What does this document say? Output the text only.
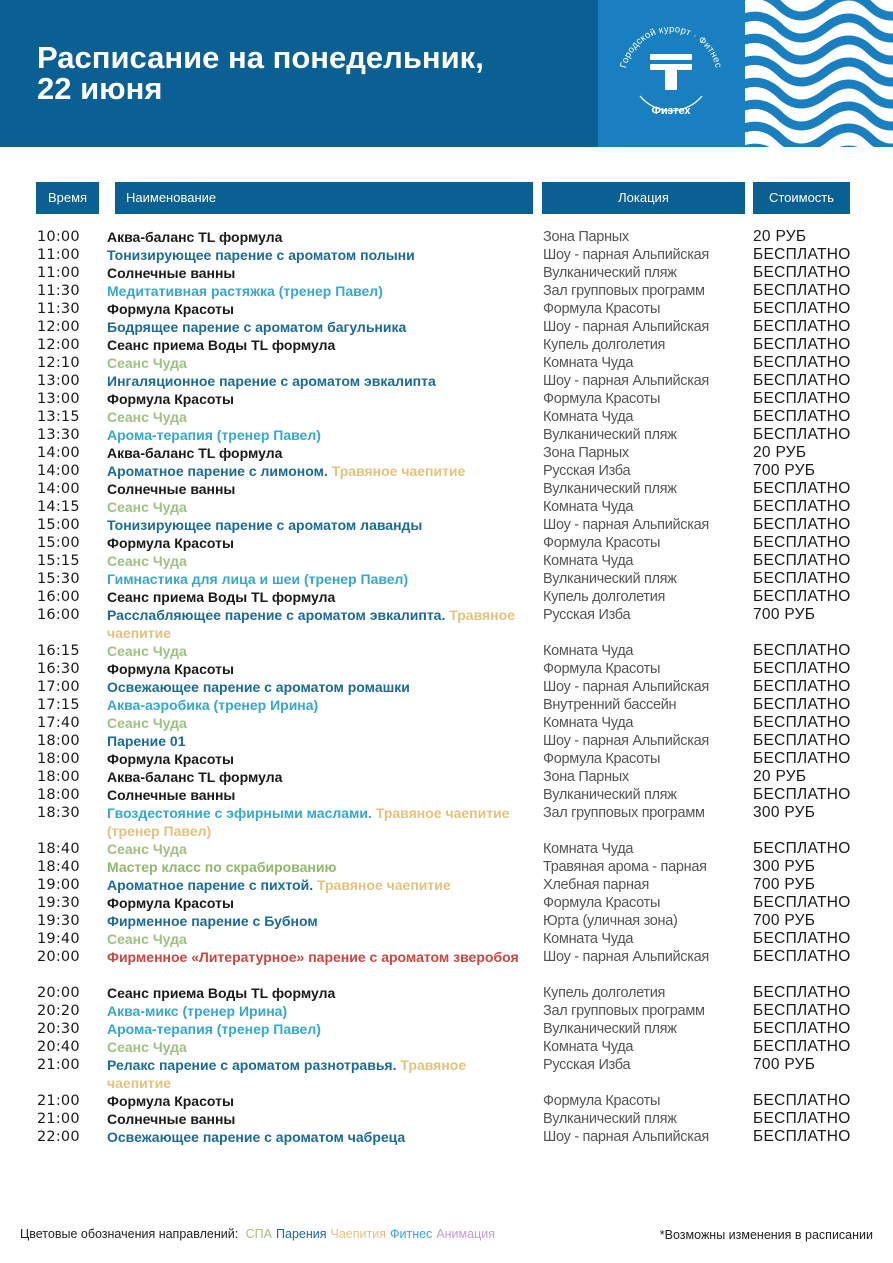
Расписание на понедельник,
22 июня
Городской курорт · Фитнес
Физтех
Время	Наименование	Локация	Стоимость
10:00 Аква-баланс TL формула	Зона Парных	20 РУБ
11:00 Тонизирующее парение с ароматом полыни	Шоу - парная Альпийская	БЕСПЛАТНО
11:00 Солнечные ванны	Вулканический пляж	БЕСПЛАТНО
11:30 Медитативная растяжка (тренер Павел)	Зал групповых программ	БЕСПЛАТНО
11:30 Формула Красоты	Формула Красоты	БЕСПЛАТНО
12:00 Бодрящее парение с ароматом багульника	Шоу - парная Альпийская	БЕСПЛАТНО
12:00 Сеанс приема Воды TL формула	Купель долголетия	БЕСПЛАТНО
12:10 Сеанс Чуда	Комната Чуда	БЕСПЛАТНО
13:00 Ингаляционное парение с ароматом эвкалипта	Шоу - парная Альпийская	БЕСПЛАТНО
13:00 Формула Красоты	Формула Красоты	БЕСПЛАТНО
13:15 Сеанс Чуда	Комната Чуда	БЕСПЛАТНО
13:30 Арома-терапия (тренер Павел)	Вулканический пляж	БЕСПЛАТНО
14:00 Аква-баланс TL формула	Зона Парных	20 РУБ
14:00 Ароматное парение с лимоном. Травяное чаепитие	Русская Изба	700 РУБ
14:00 Солнечные ванны	Вулканический пляж	БЕСПЛАТНО
14:15 Сеанс Чуда	Комната Чуда	БЕСПЛАТНО
15:00 Тонизирующее парение с ароматом лаванды	Шоу - парная Альпийская	БЕСПЛАТНО
15:00 Формула Красоты	Формула Красоты	БЕСПЛАТНО
15:15 Сеанс Чуда	Комната Чуда	БЕСПЛАТНО
15:30 Гимнастика для лица и шеи (тренер Павел)	Вулканический пляж	БЕСПЛАТНО
16:00 Сеанс приема Воды TL формула	Купель долголетия	БЕСПЛАТНО
16:00 Расслабляющее парение с ароматом эвкалипта. Травяное чаепитие
Русская Изба	700 РУБ
16:15 Сеанс Чуда	Комната Чуда	БЕСПЛАТНО
16:30 Формула Красоты	Формула Красоты	БЕСПЛАТНО
17:00 Освежающее парение с ароматом ромашки	Шоу - парная Альпийская	БЕСПЛАТНО
17:15 Аква-аэробика (тренер Ирина)	Внутренний бассейн	БЕСПЛАТНО
17:40 Сеанс Чуда	Комната Чуда	БЕСПЛАТНО
18:00 Парение 01	Шоу - парная Альпийская	БЕСПЛАТНО
18:00 Формула Красоты	Формула Красоты	БЕСПЛАТНО
18:00 Аква-баланс TL формула	Зона Парных	20 РУБ
18:00 Солнечные ванны	Вулканический пляж	БЕСПЛАТНО
18:30 Гвоздестояние с эфирными маслами. Травяное чаепитие (тренер Павел)
Зал групповых программ	300 РУБ
18:40 Сеанс Чуда	Комната Чуда	БЕСПЛАТНО
18:40 Мастер класс по скрабированию	Травяная арома - парная	300 РУБ
19:00 Ароматное парение с пихтой. Травяное чаепитие	Хлебная парная	700 РУБ
19:30 Формула Красоты	Формула Красоты	БЕСПЛАТНО
19:30 Фирменное парение с Бубном	Юрта (уличная зона)	700 РУБ
19:40 Сеанс Чуда	Комната Чуда	БЕСПЛАТНО
20:00 Фирменное «Литературное» парение с ароматом зверобоя	Шоу - парная Альпийская	БЕСПЛАТНО
20:00 Сеанс приема Воды TL формула	Купель долголетия	БЕСПЛАТНО
20:20 Аква-микс (тренер Ирина)	Зал групповых программ	БЕСПЛАТНО
20:30 Арома-терапия (тренер Павел)	Вулканический пляж	БЕСПЛАТНО
20:40 Сеанс Чуда	Комната Чуда	БЕСПЛАТНО
21:00 Релакс парение с ароматом разнотравья. Травяное чаепитие
Русская Изба	700 РУБ
21:00 Формула Красоты	Формула Красоты	БЕСПЛАТНО
21:00 Солнечные ванны	Вулканический пляж	БЕСПЛАТНО
22:00 Освежающее парение с ароматом чабреца	Шоу - парная Альпийская	БЕСПЛАТНО
Цветовые обозначения направлений: СПА Парения Чаепития Фитнес Анимация	*Возможны изменения в расписании
